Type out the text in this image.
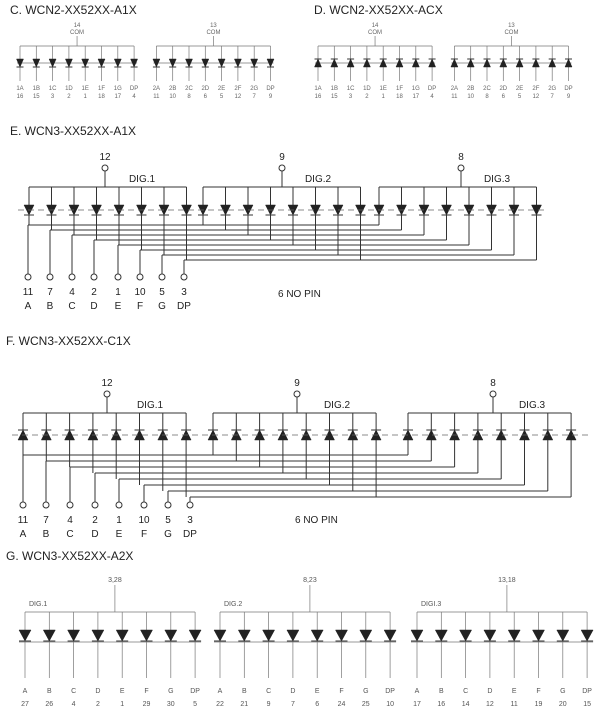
C. WCN2-XX52XX-A1X
14
COM
1A
16
1B
15
1C
3
1D
2
1E
1
1F
18
1G
17
DP
4
13
COM
2A
11
2B
10
2C
8
2D
6
2E
5
2F
12
2G
7
DP
9
D. WCN2-XX52XX-ACX
14
COM
1A
16
1B
15
1C
3
1D
2
1E
1
1F
18
1G
17
DP
4
13
COM
2A
11
2B
10
2C
8
2D
6
2E
5
2F
12
2G
7
DP
9
E. WCN3-XX52XX-A1X
12
DIG.1
9
DIG.2
8
DIG.3
11
A
7
B
4
C
2
D
1
E
10
F
5
G
3
DP
6 NO PIN
F. WCN3-XX52XX-C1X
12
DIG.1
9
DIG.2
8
DIG.3
11
A
7
B
4
C
2
D
1
E
10
F
5
G
3
DP
6 NO PIN
G. WCN3-XX52XX-A2X
3,28
DIG.1
A
27
B
26
C
4
D
2
E
1
F
29
G
30
DP
5
8,23
DIG.2
A
22
B
21
C
9
D
7
E
6
F
24
G
25
DP
10
13,18
DIGI.3
A
17
B
16
C
14
D
12
E
11
F
19
G
20
DP
15
